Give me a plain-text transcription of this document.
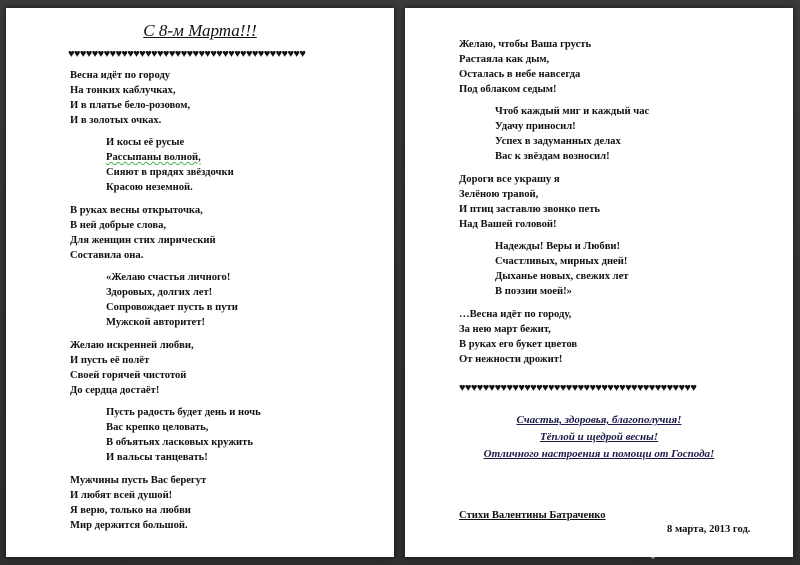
С 8-м Марта!!!
♥♥♥♥♥♥♥♥♥♥♥♥♥♥♥♥♥♥♥♥♥♥♥♥♥♥♥♥♥♥♥♥♥♥♥♥♥♥♥♥
Весна идёт по городу
На тонких каблучках,
И в платье бело-розовом,
И в золотых очках.
И косы её русые
Рассыпаны волной,
Сияют в прядях звёздочки
Красою неземной.
В руках весны открыточка,
В ней добрые слова,
Для женщин стих лирический
Составила она.
«Желаю счастья личного!
Здоровых, долгих лет!
Сопровождает пусть в пути
Мужской авторитет!
Желаю искренней любви,
И пусть её полёт
Своей горячей чистотой
До сердца достаёт!
Пусть радость будет день и ночь
Вас крепко целовать,
В объятьях ласковых кружить
И вальсы танцевать!
Мужчины пусть Вас берегут
И любят всей душой!
Я верю, только на любви
Мир держится большой.
Желаю, чтобы Ваша грусть
Растаяла как дым,
Осталась в небе навсегда
Под облаком седым!
Чтоб каждый миг и каждый час
Удачу приносил!
Успех в задуманных делах
Вас к звёздам возносил!
Дороги все украшу я
Зелёною травой,
И птиц заставлю звонко петь
Над Вашей головой!
Надежды! Веры и Любви!
Счастливых, мирных дней!
Дыханье новых, свежих лет
В поэзии моей!»
…Весна идёт по городу,
За нею март бежит,
В руках его букет цветов
От нежности дрожит!
♥♥♥♥♥♥♥♥♥♥♥♥♥♥♥♥♥♥♥♥♥♥♥♥♥♥♥♥♥♥♥♥♥♥♥♥♥♥♥♥
Счастья, здоровья, благополучия!
Тёплой и щедрой весны!
Отличного настроения и помощи от Господа!
Стихи Валентины Батраченко
8 марта, 2013 год.
барахла net
